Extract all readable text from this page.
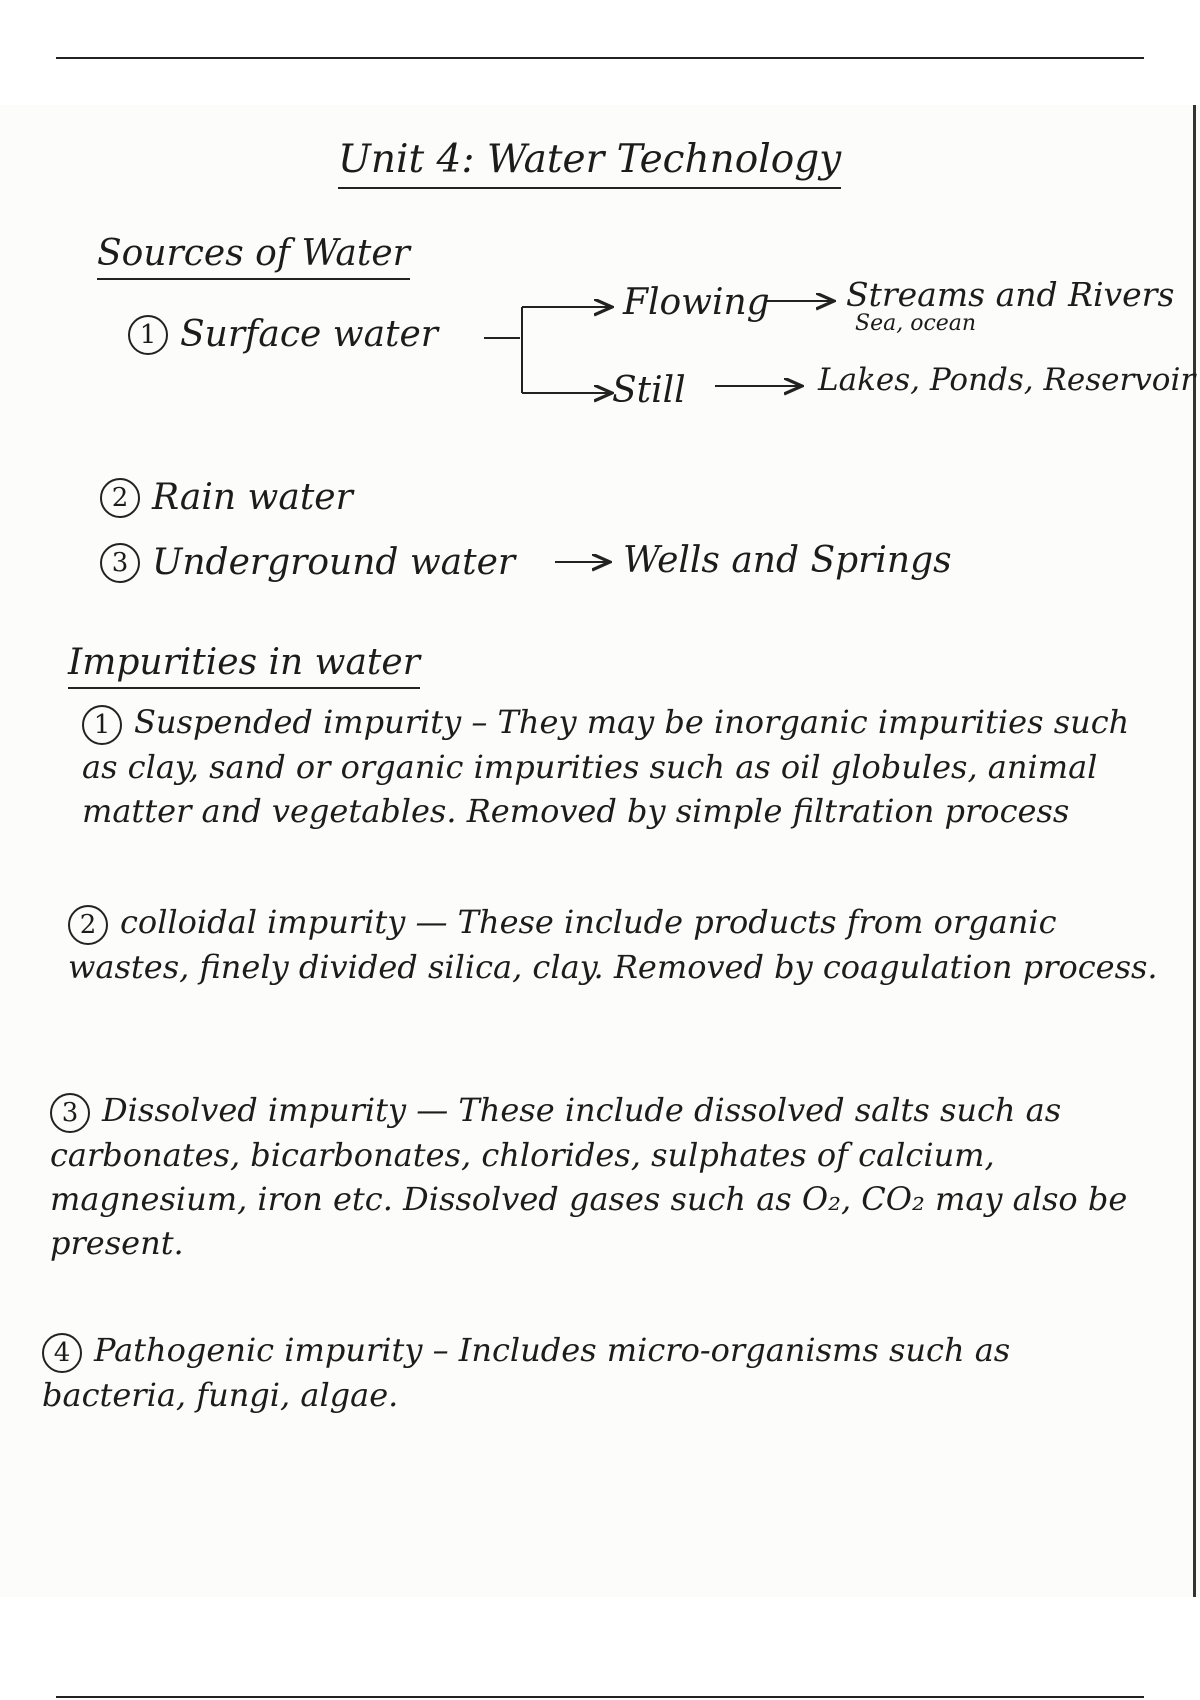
Unit 4: Water Technology
Sources of Water
1 Surface water
Flowing Streams and Rivers
Sea, ocean
Still	Lakes, Ponds, Reservoir
2 Rain water
3 Underground water	Wells and Springs
Impurities in water
1 Suspended impurity – They may be inorganic impurities such as clay, sand or organic impurities such as oil globules, animal matter and vegetables. Removed by simple filtration process
2 colloidal impurity — These include products from organic wastes, finely divided silica, clay. Removed by coagulation process.
3 Dissolved impurity — These include dissolved salts such as carbonates, bicarbonates, chlorides, sulphates of calcium, magnesium, iron etc. Dissolved gases such as O₂, CO₂ may also be present.
4 Pathogenic impurity – Includes micro-organisms such as bacteria, fungi, algae.
